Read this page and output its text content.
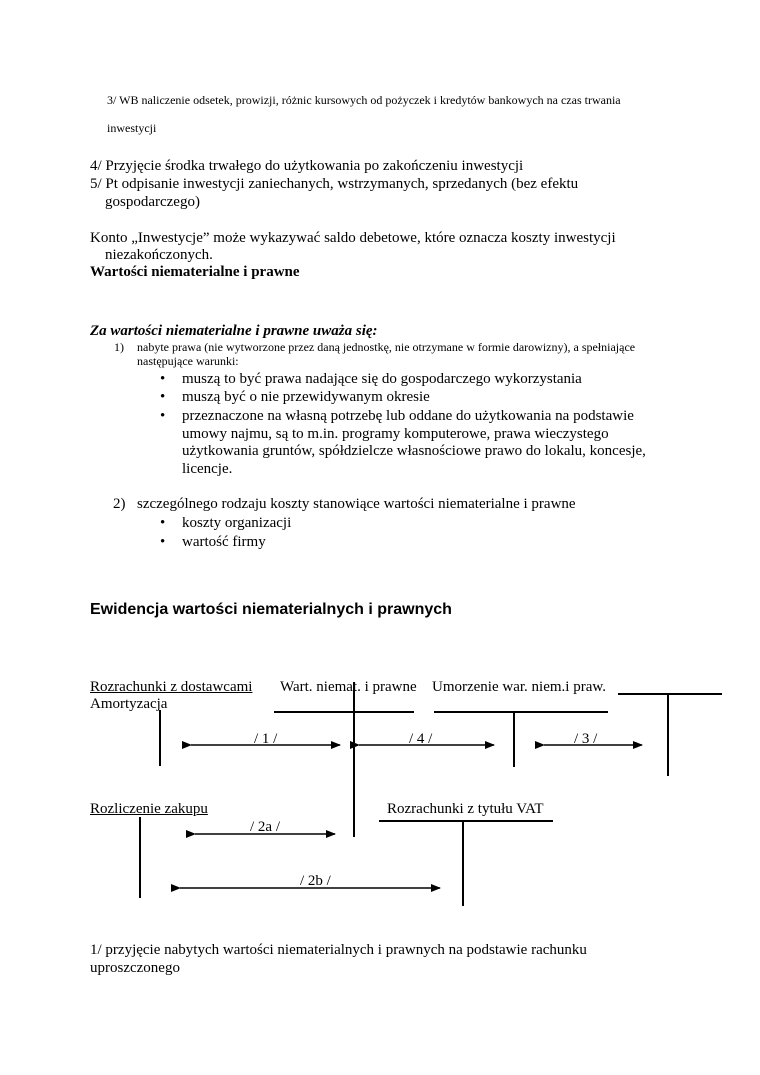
3/ WB naliczenie odsetek, prowizji, różnic kursowych od pożyczek i kredytów bankowych na czas trwania
inwestycji
4/ Przyjęcie środka trwałego do użytkowania po zakończeniu inwestycji
5/ Pt odpisanie inwestycji zaniechanych, wstrzymanych, sprzedanych (bez efektu
gospodarczego)
Konto „Inwestycje” może wykazywać saldo debetowe, które oznacza koszty inwestycji
niezakończonych.
Wartości niematerialne i prawne
Za wartości niematerialne i prawne uważa się:
1) nabyte prawa (nie wytworzone przez daną jednostkę, nie otrzymane w formie darowizny), a spełniające
następujące warunki:
• muszą to być prawa nadające się do gospodarczego wykorzystania
• muszą być o nie przewidywanym okresie
• przeznaczone na własną potrzebę lub oddane do użytkowania na podstawie
umowy najmu, są to m.in. programy komputerowe, prawa wieczystego
użytkowania gruntów, spółdzielcze własnościowe prawo do lokalu, koncesje,
licencje.
2) szczególnego rodzaju koszty stanowiące wartości niematerialne i prawne
• koszty organizacji
• wartość firmy
Ewidencja wartości niematerialnych i prawnych
Rozrachunki z dostawcami Wart. niemat. i prawne Umorzenie war. niem.i praw.
Amortyzacja
Rozliczenie zakupu	Rozrachunki z tytułu VAT
/ 1 /	/ 4 /	/ 3 /
/ 2a /
/ 2b /
1/ przyjęcie nabytych wartości niematerialnych i prawnych na podstawie rachunku
uproszczonego
